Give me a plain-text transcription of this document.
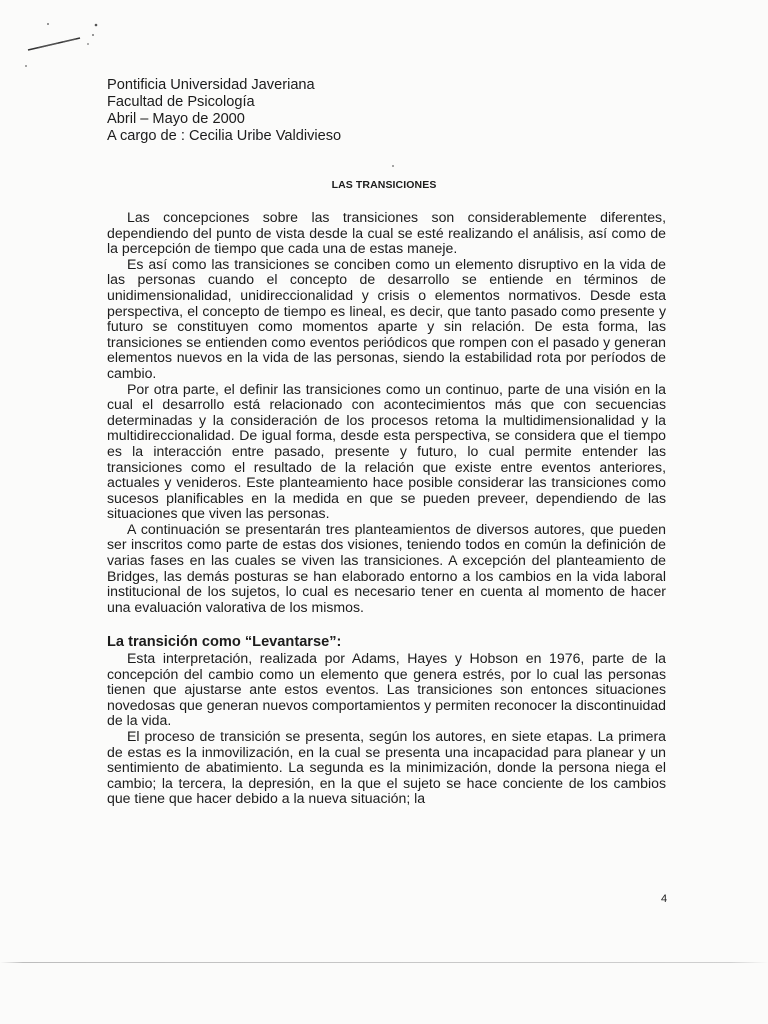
Pontificia Universidad Javeriana
Facultad de Psicología
Abril – Mayo de 2000
A cargo de : Cecilia Uribe Valdivieso
LAS TRANSICIONES

Las concepciones sobre las transiciones son considerablemente diferentes, dependiendo del punto de vista desde la cual se esté realizando el análisis, así como de la percepción de tiempo que cada una de estas maneje.

Es así como las transiciones se conciben como un elemento disruptivo en la vida de las personas cuando el concepto de desarrollo se entiende en términos de unidimensionalidad, unidireccionalidad y crisis o elementos normativos. Desde esta perspectiva, el concepto de tiempo es lineal, es decir, que tanto pasado como presente y futuro se constituyen como momentos aparte y sin relación. De esta forma, las transiciones se entienden como eventos periódicos que rompen con el pasado y generan elementos nuevos en la vida de las personas, siendo la estabilidad rota por períodos de cambio.

Por otra parte, el definir las transiciones como un continuo, parte de una visión en la cual el desarrollo está relacionado con acontecimientos más que con secuencias determinadas y la consideración de los procesos retoma la multidimensionalidad y la multidireccionalidad. De igual forma, desde esta perspectiva, se considera que el tiempo es la interacción entre pasado, presente y futuro, lo cual permite entender las transiciones como el resultado de la relación que existe entre eventos anteriores, actuales y venideros. Este planteamiento hace posible considerar las transiciones como sucesos planificables en la medida en que se pueden preveer, dependiendo de las situaciones que viven las personas.

A continuación se presentarán tres planteamientos de diversos autores, que pueden ser inscritos como parte de estas dos visiones, teniendo todos en común la definición de varias fases en las cuales se viven las transiciones. A excepción del planteamiento de Bridges, las demás posturas se han elaborado entorno a los cambios en la vida laboral institucional de los sujetos, lo cual es necesario tener en cuenta al momento de hacer una evaluación valorativa de los mismos.

La transición como “Levantarse”:

Esta interpretación, realizada por Adams, Hayes y Hobson en 1976, parte de la concepción del cambio como un elemento que genera estrés, por lo cual las personas tienen que ajustarse ante estos eventos. Las transiciones son entonces situaciones novedosas que generan nuevos comportamientos y permiten reconocer la discontinuidad de la vida.

El proceso de transición se presenta, según los autores, en siete etapas. La primera de estas es la inmovilización, en la cual se presenta una incapacidad para planear y un sentimiento de abatimiento. La segunda es la minimización, donde la persona niega el cambio; la tercera, la depresión, en la que el sujeto se hace conciente de los cambios que tiene que hacer debido a la nueva situación; la

4
